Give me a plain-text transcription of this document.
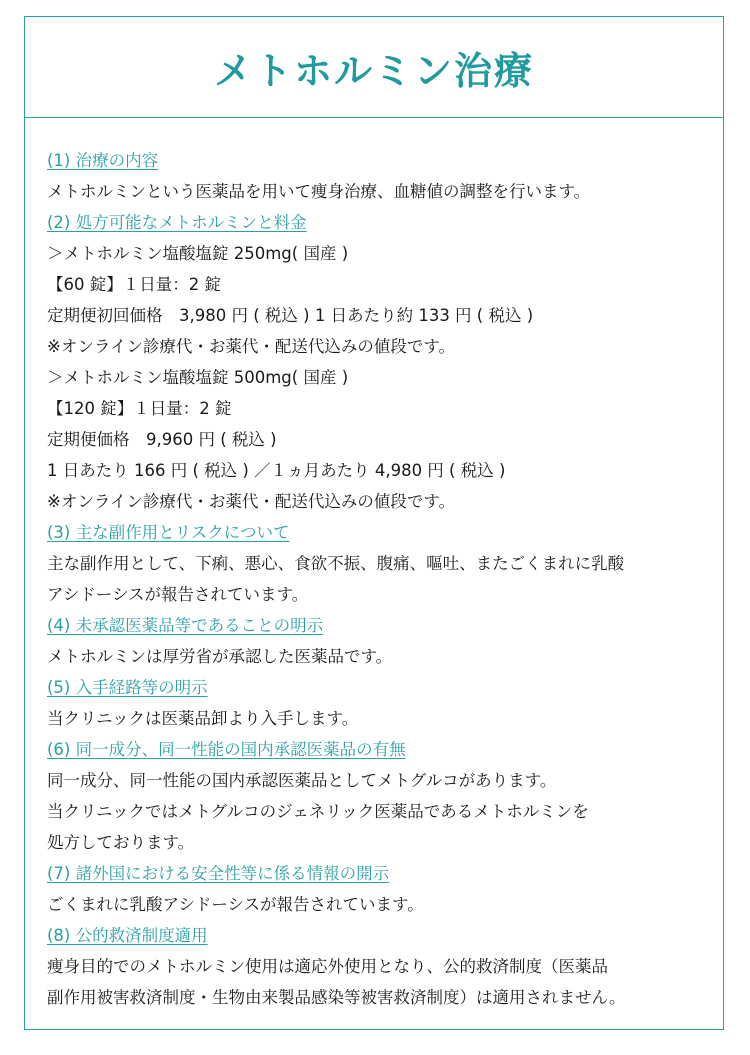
メトホルミン治療

(1) 治療の内容

メトホルミンという医薬品を用いて痩身治療、血糖値の調整を行います。

(2) 処方可能なメトホルミンと料金

＞メトホルミン塩酸塩錠 250mg( 国産 )

【60 錠】１日量：2 錠

定期便初回価格　3,980 円 ( 税込 ) 1 日あたり約 133 円 ( 税込 )

※オンライン診療代・お薬代・配送代込みの値段です。

＞メトホルミン塩酸塩錠 500mg( 国産 )

【120 錠】１日量：2 錠

定期便価格　9,960 円 ( 税込 )

1 日あたり 166 円 ( 税込 ) ／１ヵ月あたり 4,980 円 ( 税込 )

※オンライン診療代・お薬代・配送代込みの値段です。

(3) 主な副作用とリスクについて

主な副作用として、下痢、悪心、食欲不振、腹痛、嘔吐、またごくまれに乳酸

アシドーシスが報告されています。

(4) 未承認医薬品等であることの明示

メトホルミンは厚労省が承認した医薬品です。

(5) 入手経路等の明示

当クリニックは医薬品卸より入手します。

(6) 同一成分、同一性能の国内承認医薬品の有無

同一成分、同一性能の国内承認医薬品としてメトグルコがあります。

当クリニックではメトグルコのジェネリック医薬品であるメトホルミンを

処方しております。

(7) 諸外国における安全性等に係る情報の開示

ごくまれに乳酸アシドーシスが報告されています。

(8) 公的救済制度適用

痩身目的でのメトホルミン使用は適応外使用となり、公的救済制度（医薬品

副作用被害救済制度・生物由来製品感染等被害救済制度）は適用されません。
